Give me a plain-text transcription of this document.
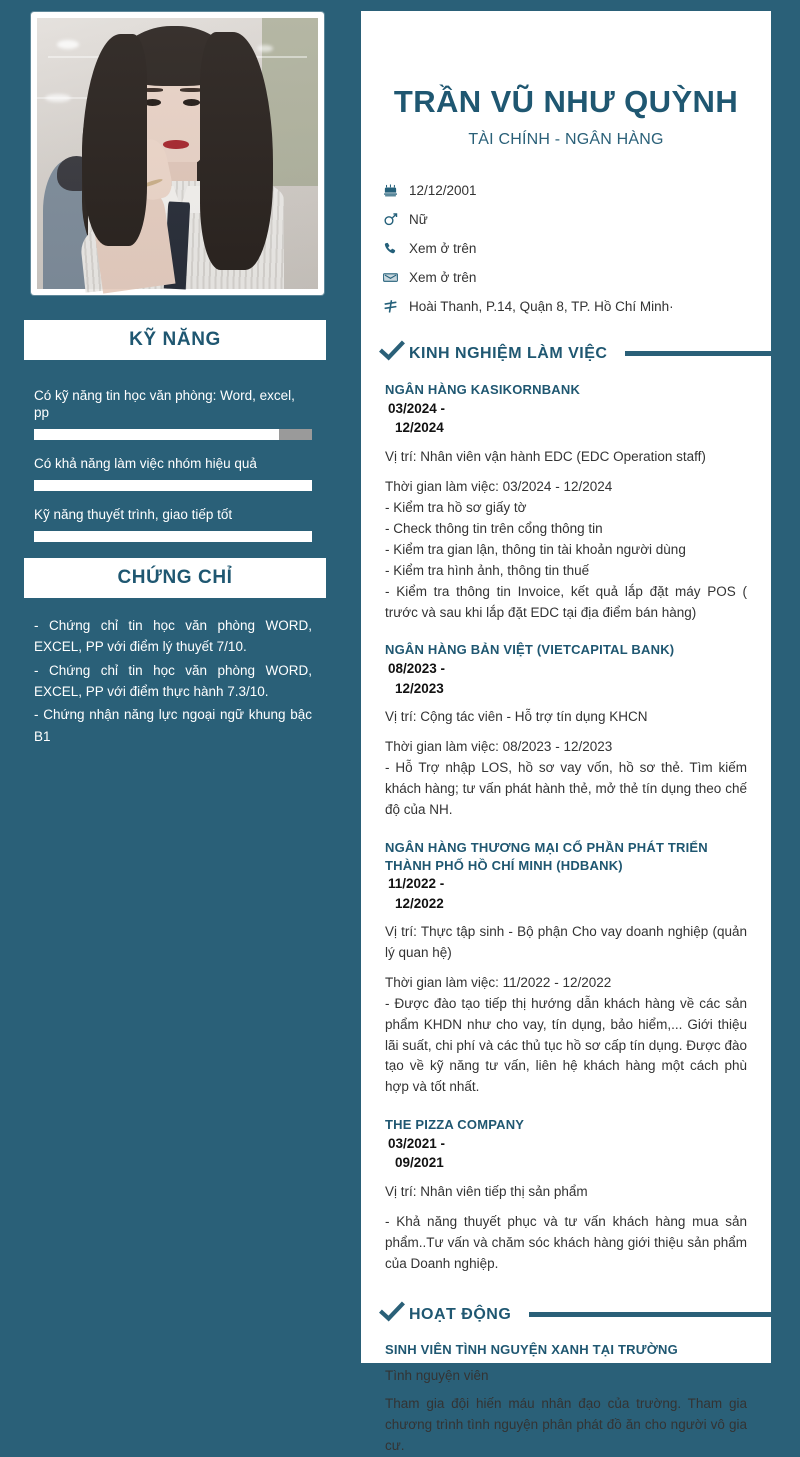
KỸ NĂNG
Có kỹ năng tin học văn phòng: Word, excel, pp
Có khả năng làm việc nhóm hiệu quả
Kỹ năng thuyết trình, giao tiếp tốt
CHỨNG CHỈ
- Chứng chỉ tin học văn phòng WORD, EXCEL, PP với điểm lý thuyết 7/10.
- Chứng chỉ tin học văn phòng WORD, EXCEL, PP với điểm thực hành 7.3/10.
- Chứng nhận năng lực ngoại ngữ khung bậc B1
TRẦN VŨ NHƯ QUỲNH
TÀI CHÍNH - NGÂN HÀNG
12/12/2001
Nữ
Xem ở trên
Xem ở trên
Hoài Thanh, P.14, Quận 8, TP. Hồ Chí Minh·
KINH NGHIỆM LÀM VIỆC
NGÂN HÀNG KASIKORNBANK
03/2024 -
12/2024
Vị trí: Nhân viên vận hành EDC (EDC Operation staff)
Thời gian làm việc: 03/2024 - 12/2024
- Kiểm tra hồ sơ giấy tờ
- Check thông tin trên cổng thông tin
- Kiểm tra gian lận, thông tin tài khoản người dùng
- Kiểm tra hình ảnh, thông tin thuế
- Kiểm tra thông tin Invoice, kết quả lắp đặt máy POS ( trước và sau khi lắp đặt EDC tại địa điểm bán hàng)
NGÂN HÀNG BẢN VIỆT (VIETCAPITAL BANK)
08/2023 -
12/2023
Vị trí: Cộng tác viên - Hỗ trợ tín dụng KHCN
Thời gian làm việc: 08/2023 - 12/2023
- Hỗ Trợ nhập LOS, hồ sơ vay vốn, hồ sơ thẻ. Tìm kiếm khách hàng; tư vấn phát hành thẻ, mở thẻ tín dụng theo chế độ của NH.
NGÂN HÀNG THƯƠNG MẠI CỔ PHẦN PHÁT TRIỂN THÀNH PHỐ HỒ CHÍ MINH (HDBANK)
11/2022 -
12/2022
Vị trí: Thực tập sinh - Bộ phận Cho vay doanh nghiệp (quản lý quan hệ)
Thời gian làm việc: 11/2022 - 12/2022
- Được đào tạo tiếp thị hướng dẫn khách hàng về các sản phẩm KHDN như cho vay, tín dụng, bảo hiểm,... Giới thiệu lãi suất, chi phí và các thủ tục hồ sơ cấp tín dụng. Được đào tạo về kỹ năng tư vấn, liên hệ khách hàng một cách phù hợp và tốt nhất.
THE PIZZA COMPANY
03/2021 -
09/2021
Vị trí: Nhân viên tiếp thị sản phẩm
- Khả năng thuyết phục và tư vấn khách hàng mua sản phẩm..Tư vấn và chăm sóc khách hàng giới thiệu sản phẩm của Doanh nghiệp.
HOẠT ĐỘNG
SINH VIÊN TÌNH NGUYỆN XANH TẠI TRƯỜNG
Tình nguyện viên
Tham gia đội hiến máu nhân đạo của trường. Tham gia chương trình tình nguyện phân phát đồ ăn cho người vô gia cư.
